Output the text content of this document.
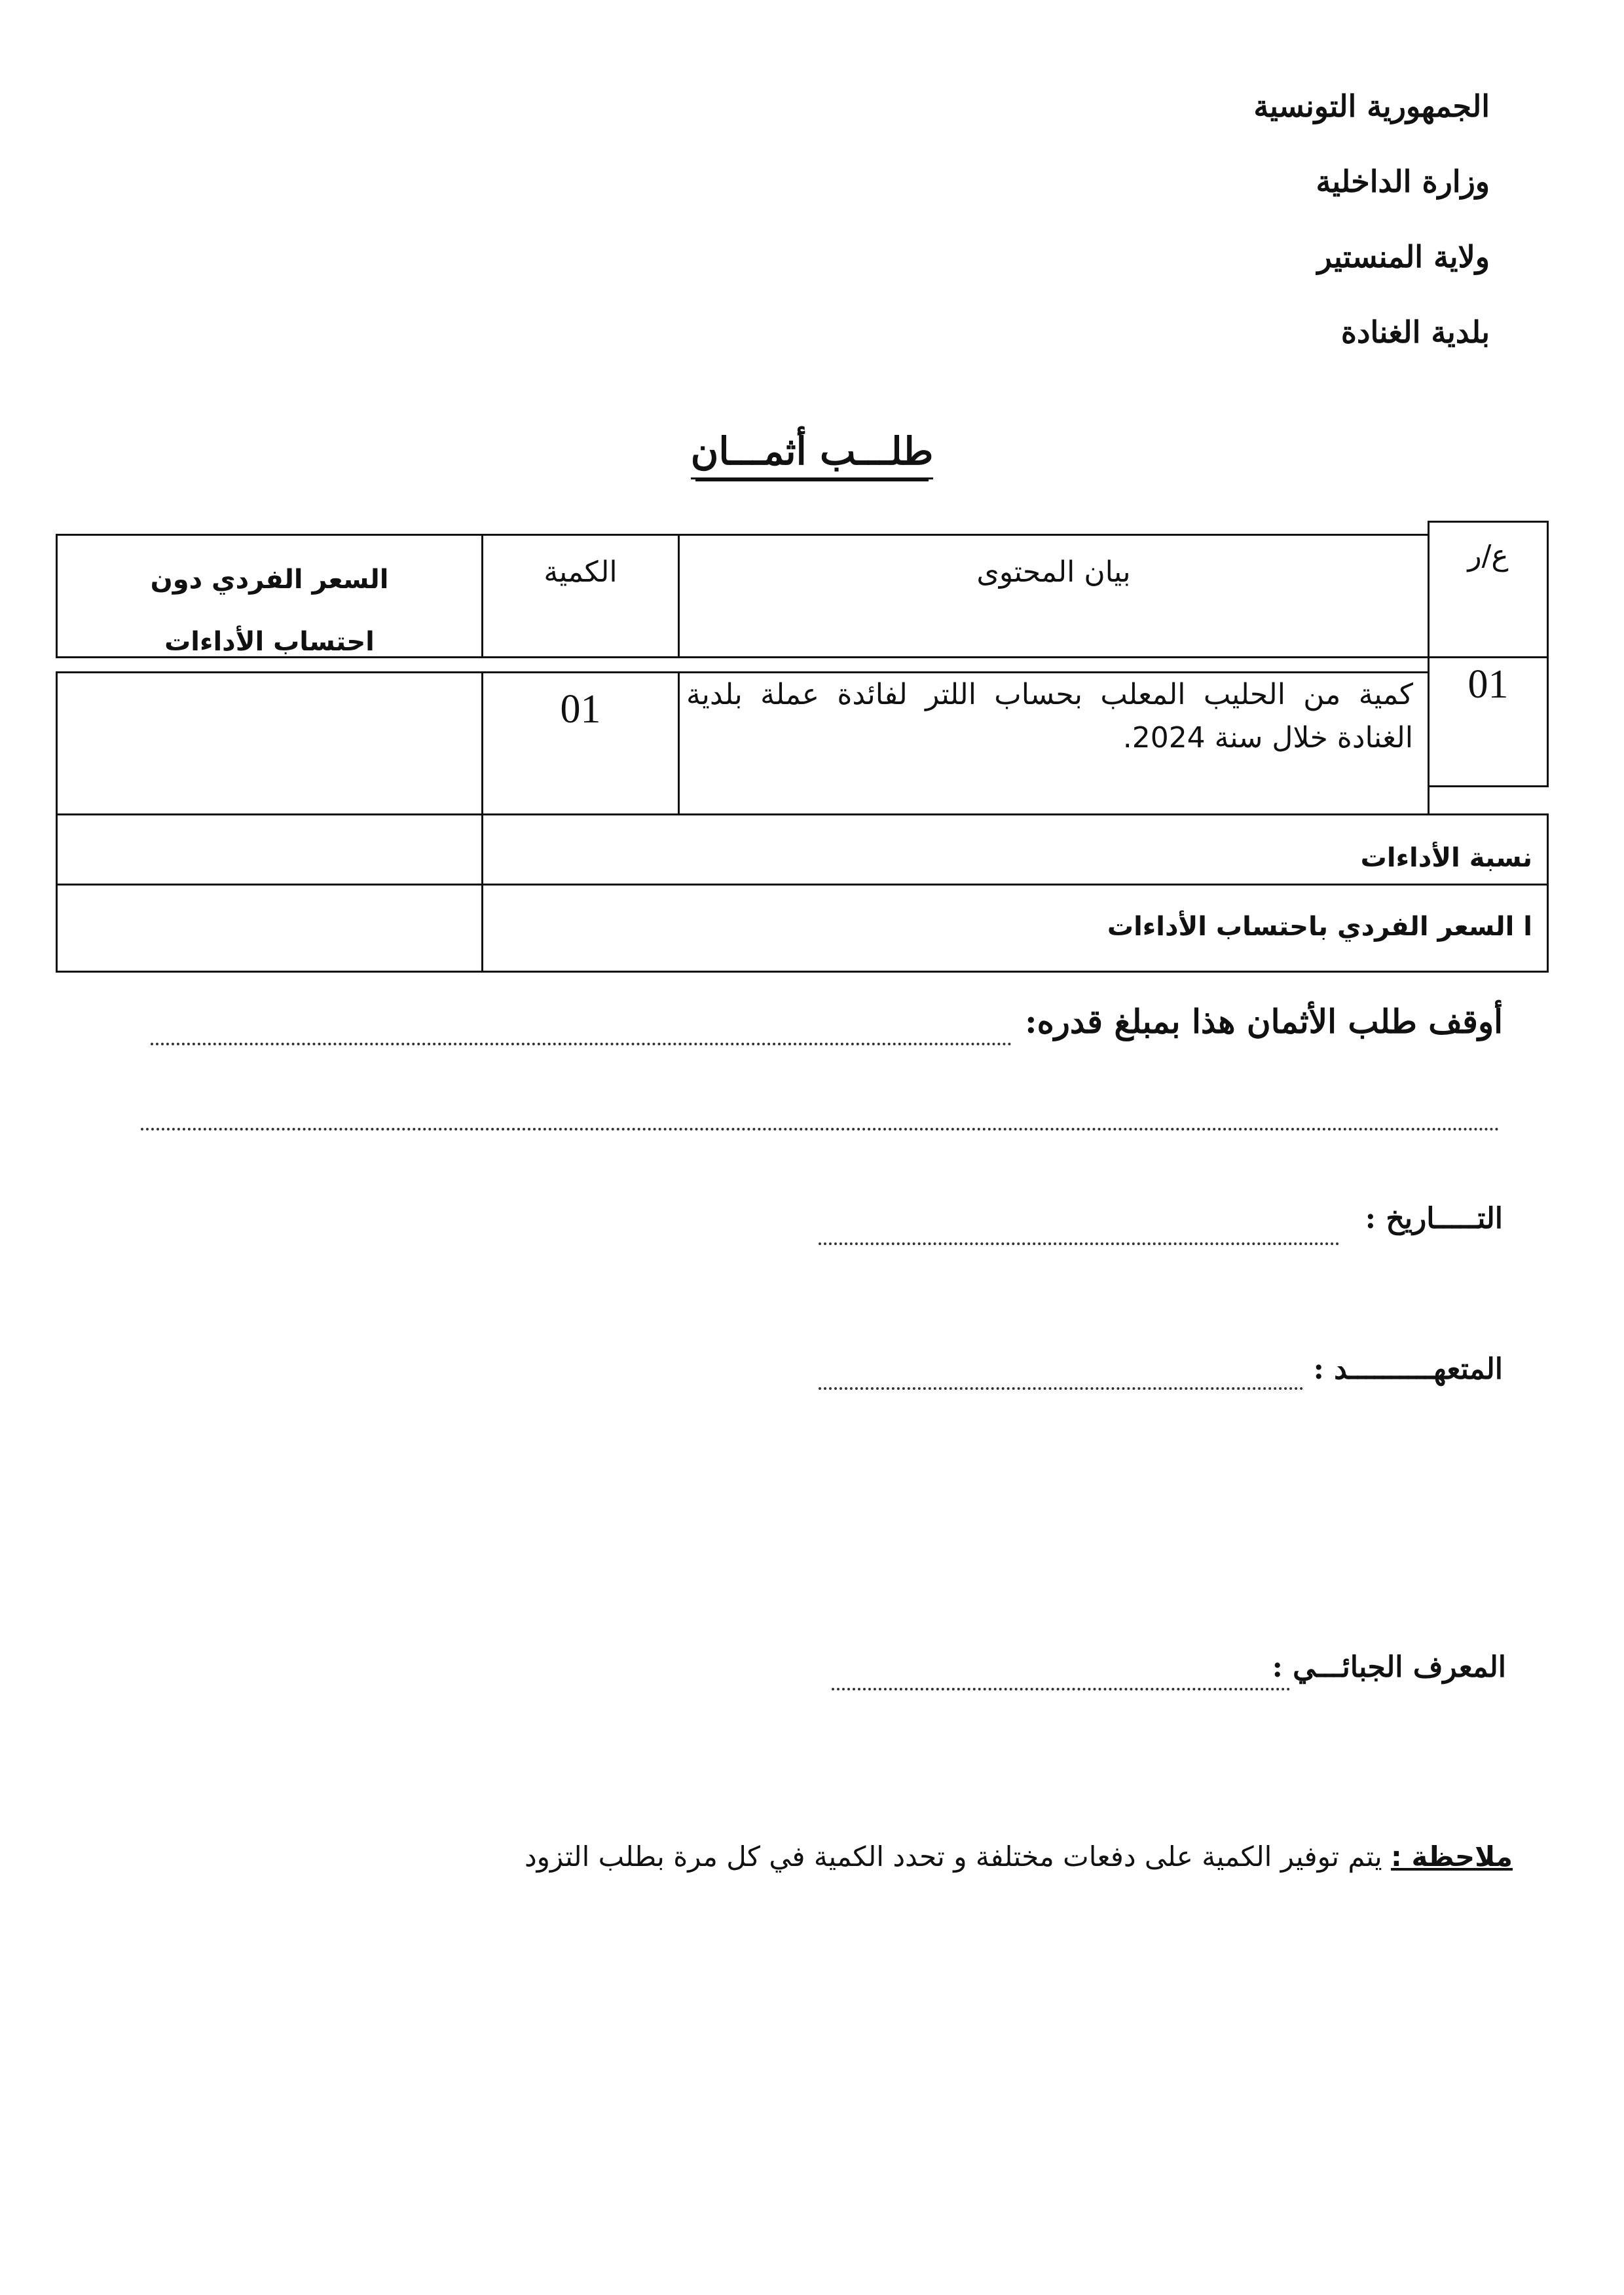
الجمهورية التونسية
وزارة الداخلية
ولاية المنستير
بلدية الغنادة
طلـــب أثمـــان
ع/ر
بيان المحتوى
الكمية
السعر الفردي دون
احتساب الأداءات
01
كمية من الحليب المعلب بحساب اللتر لفائدة عملة بلدية الغنادة خلال سنة 2024.
01
نسبة الأداءات
ا السعر الفردي باحتساب الأداءات
أوقف طلب الأثمان هذا بمبلغ قدره:
التـــــاريخ :
المتعهــــــــــد :
المعرف الجبائـــي :
ملاحظة : يتم توفير الكمية على دفعات مختلفة و تحدد الكمية في كل مرة بطلب التزود
